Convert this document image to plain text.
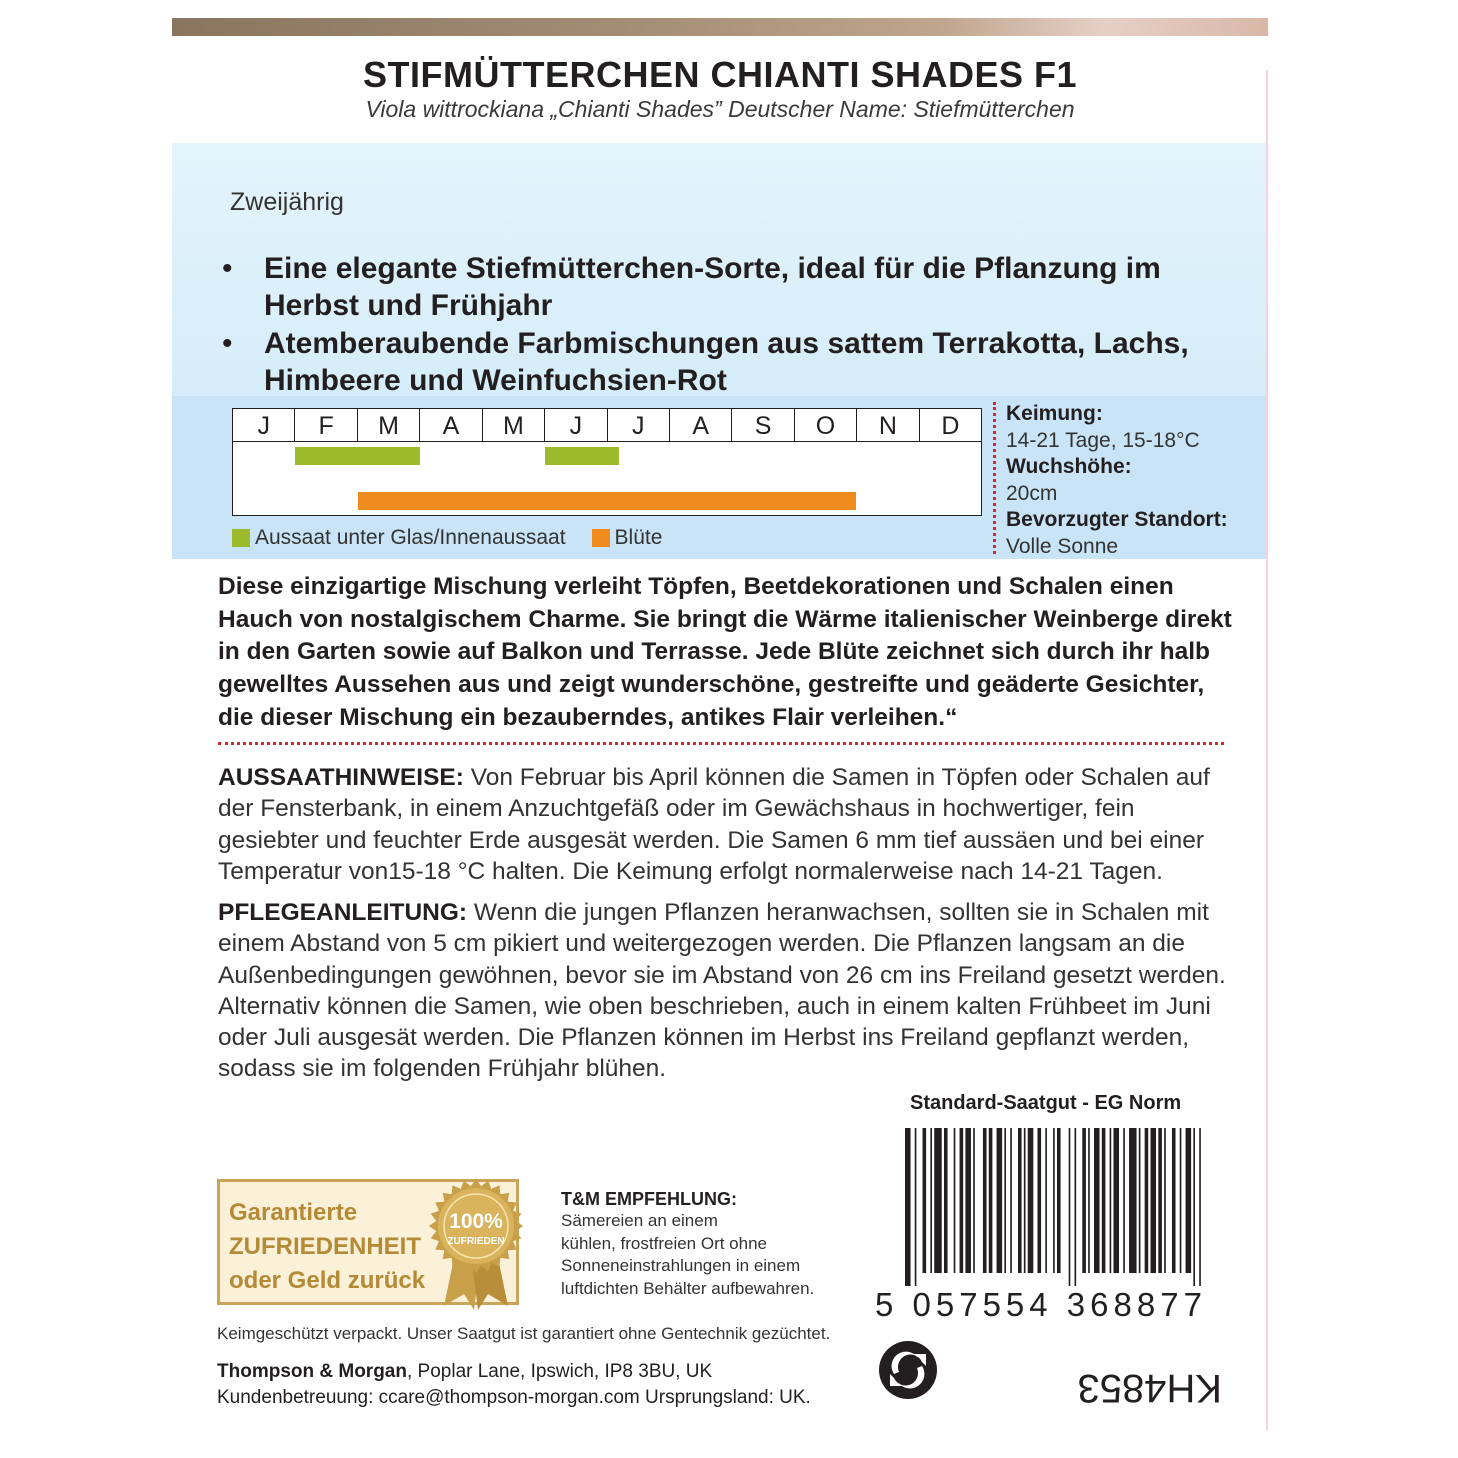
STIFMÜTTERCHEN CHIANTI SHADES F1
Viola wittrockiana „Chianti Shades” Deutscher Name: Stiefmütterchen
Zweijährig
• Eine elegante Stiefmütterchen-Sorte, ideal für die Pflanzung im Herbst und Frühjahr
• Atemberaubende Farbmischungen aus sattem Terrakotta, Lachs, Himbeere und Weinfuchsien-Rot
J	F	M	A	M	J	J	A	S	O	N	D
Aussaat unter Glas/Innenaussaat Blüte
Keimung:
14-21 Tage, 15-18°C
Wuchshöhe:
20cm
Bevorzugter Standort:
Volle Sonne
Diese einzigartige Mischung verleiht Töpfen, Beetdekorationen und Schalen einen Hauch von nostalgischem Charme. Sie bringt die Wärme italienischer Weinberge direkt in den Garten sowie auf Balkon und Terrasse. Jede Blüte zeichnet sich durch ihr halb gewelltes Aussehen aus und zeigt wunderschöne, gestreifte und geäderte Gesichter, die dieser Mischung ein bezauberndes, antikes Flair verleihen.“
AUSSAATHINWEISE: Von Februar bis April können die Samen in Töpfen oder Schalen auf der Fensterbank, in einem Anzuchtgefäß oder im Gewächshaus in hochwertiger, fein gesiebter und feuchter Erde ausgesät werden. Die Samen 6 mm tief aussäen und bei einer Temperatur von15-18 °C halten. Die Keimung erfolgt normalerweise nach 14-21 Tagen.
PFLEGEANLEITUNG: Wenn die jungen Pflanzen heranwachsen, sollten sie in Schalen mit einem Abstand von 5 cm pikiert und weitergezogen werden. Die Pflanzen langsam an die Außenbedingungen gewöhnen, bevor sie im Abstand von 26 cm ins Freiland gesetzt werden. Alternativ können die Samen, wie oben beschrieben, auch in einem kalten Frühbeet im Juni oder Juli ausgesät werden. Die Pflanzen können im Herbst ins Freiland gepflanzt werden, sodass sie im folgenden Frühjahr blühen.
Standard-Saatgut - EG Norm
5 057554 368877
Garantierte
ZUFRIEDENHEIT
oder Geld zurück
100%
ZUFRIEDEN
T&M EMPFEHLUNG:
Sämereien an einem
kühlen, frostfreien Ort ohne
Sonneneinstrahlungen in einem
luftdichten Behälter aufbewahren.
Keimgeschützt verpackt. Unser Saatgut ist garantiert ohne Gentechnik gezüchtet.
Thompson & Morgan, Poplar Lane, Ipswich, IP8 3BU, UK
Kundenbetreuung: ccare@thompson-morgan.com Ursprungsland: UK.	KH4853
